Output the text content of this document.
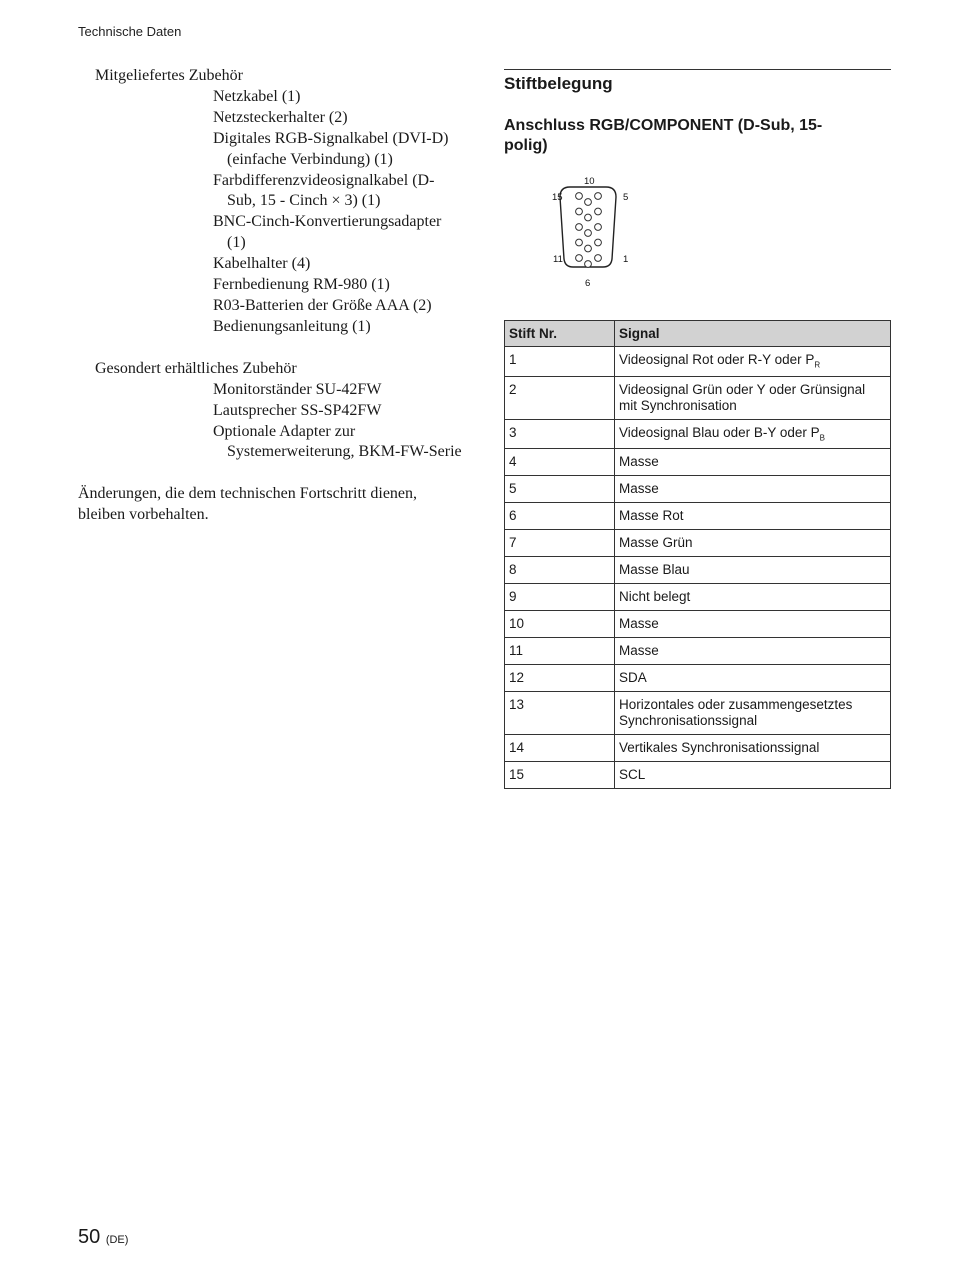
Technische Daten
Mitgeliefertes Zubehör
Netzkabel (1)
Netzsteckerhalter (2)
Digitales RGB-Signalkabel (DVI-D) (einfache Verbindung) (1)
Farbdifferenzvideosignalkabel (D-Sub, 15 - Cinch × 3) (1)
BNC-Cinch-Konvertierungsadapter (1)
Kabelhalter (4)
Fernbedienung RM-980 (1)
R03-Batterien der Größe AAA (2)
Bedienungsanleitung (1)
Gesondert erhältliches Zubehör
Monitorständer SU-42FW
Lautsprecher SS-SP42FW
Optionale Adapter zur Systemerweiterung, BKM-FW-Serie

Änderungen, die dem technischen Fortschritt dienen, bleiben vorbehalten.

Stiftbelegung
Anschluss RGB/COMPONENT (D-Sub, 15-polig)
10
5
15
11	1
6
Stift Nr.	Signal
1	Videosignal Rot oder R-Y oder $P_R$
2	Videosignal Grün oder Y oder Grünsignal mit Synchronisation
3	Videosignal Blau oder B-Y oder $P_B$
4	Masse
5	Masse
6	Masse Rot
7	Masse Grün
8	Masse Blau
9	Nicht belegt
10	Masse
11	Masse
12	SDA
13	Horizontales oder zusammengesetztes Synchronisationssignal
14	Vertikales Synchronisationssignal
15	SCL
50 (DE)
